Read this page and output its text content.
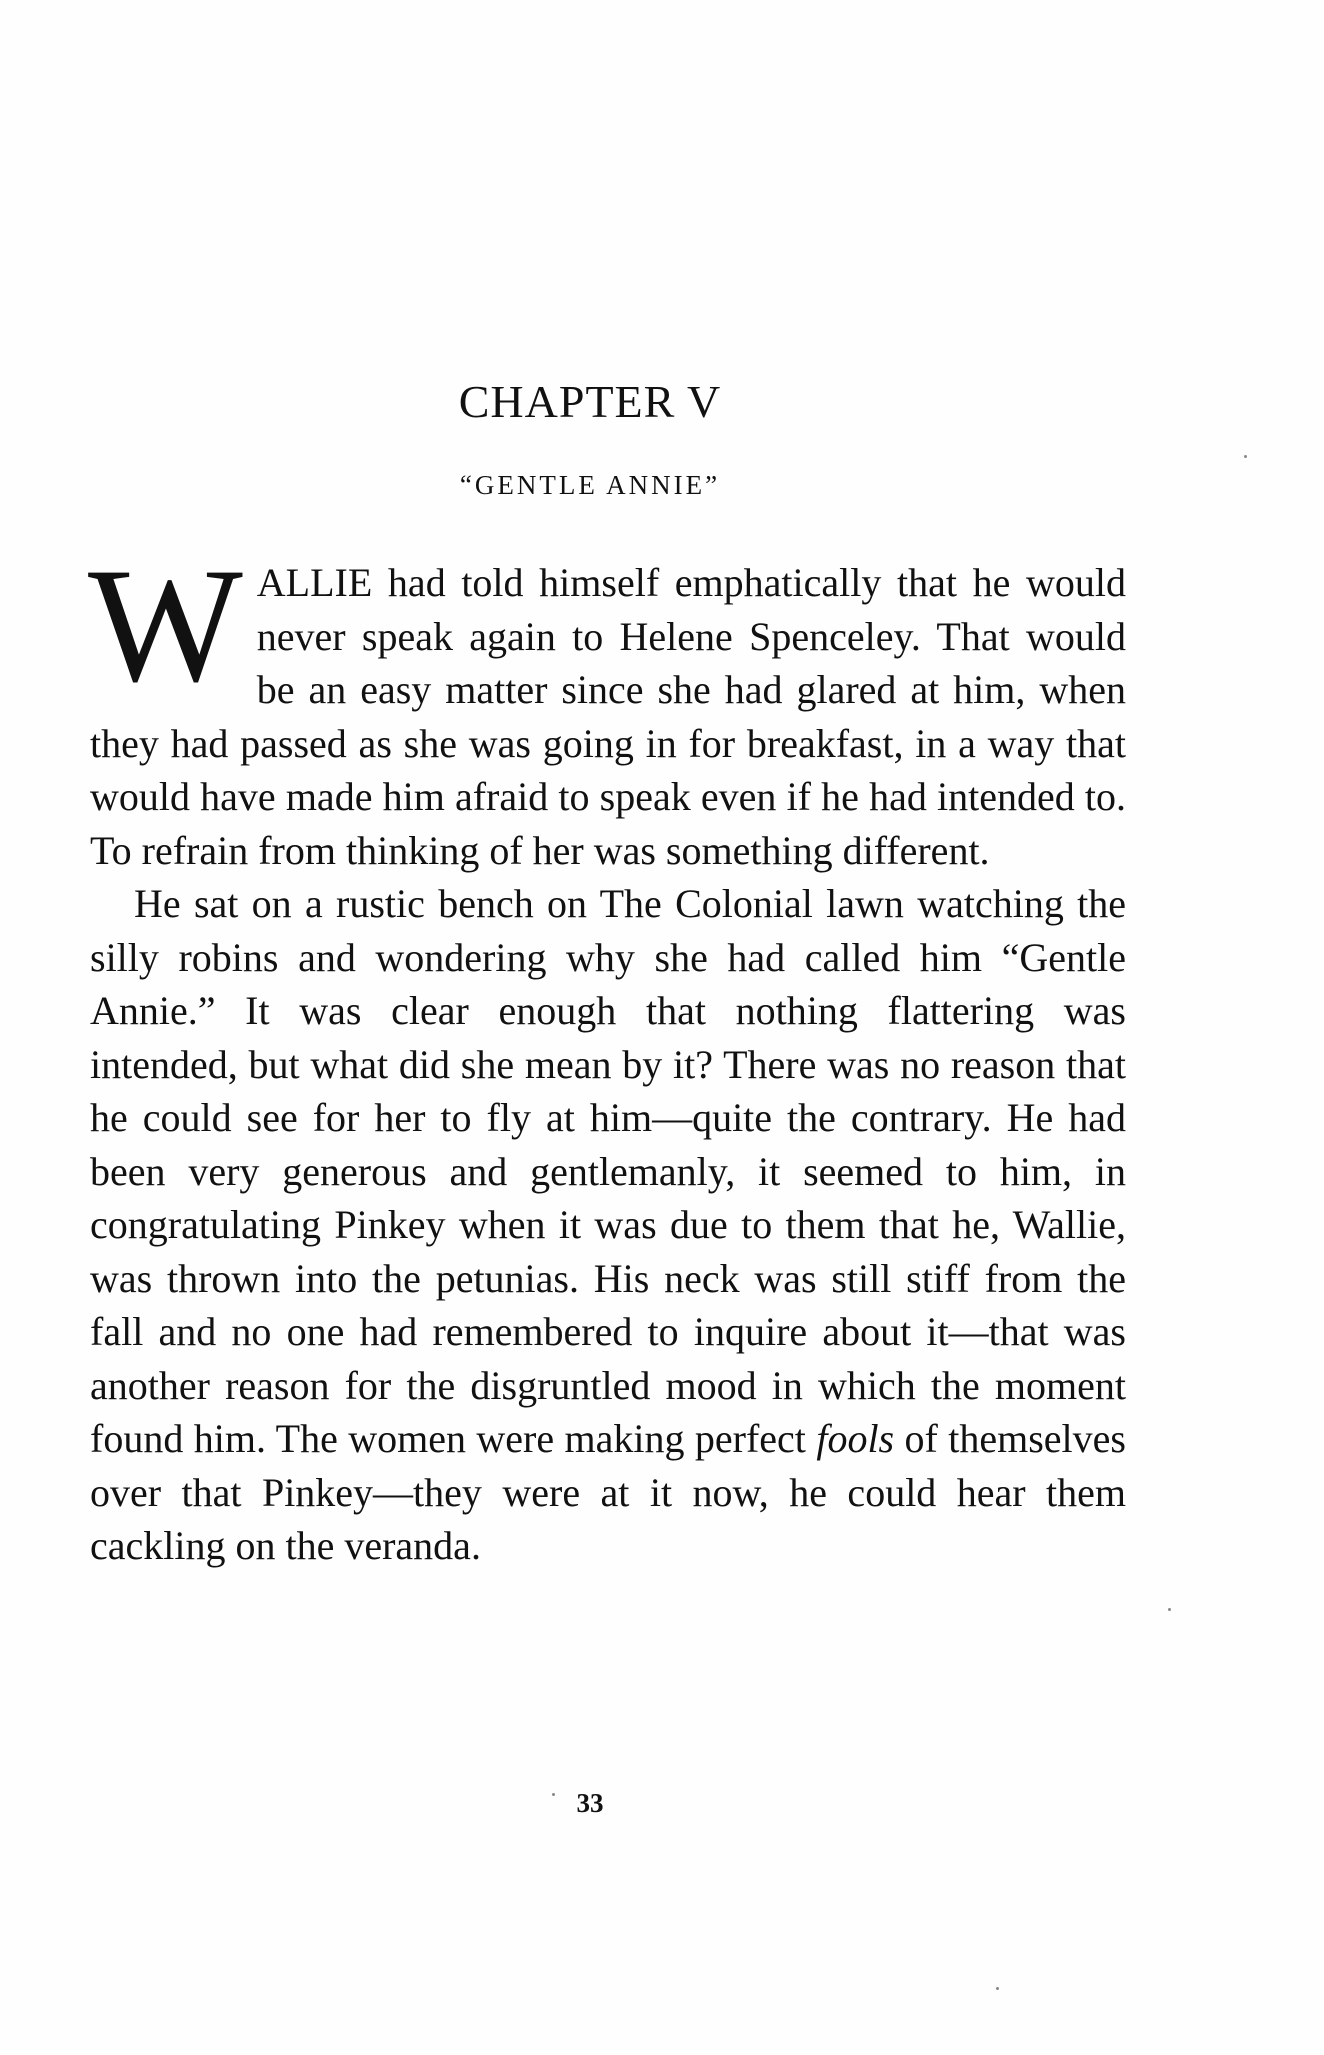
CHAPTER V
“GENTLE ANNIE”

WALLIE had told himself emphatically that he would never speak again to Helene Spenceley. That would be an easy matter since she had glared at him, when they had passed as she was going in for breakfast, in a way that would have made him afraid to speak even if he had intended to. To refrain from thinking of her was something different.

He sat on a rustic bench on The Colonial lawn watching the silly robins and wondering why she had called him “Gentle Annie.” It was clear enough that nothing flattering was intended, but what did she mean by it? There was no reason that he could see for her to fly at him—quite the contrary. He had been very generous and gentlemanly, it seemed to him, in congratulating Pinkey when it was due to them that he, Wallie, was thrown into the petunias. His neck was still stiff from the fall and no one had remembered to inquire about it—that was another reason for the disgruntled mood in which the moment found him. The women were making perfect fools of themselves over that Pinkey—they were at it now, he could hear them cackling on the veranda.

33
